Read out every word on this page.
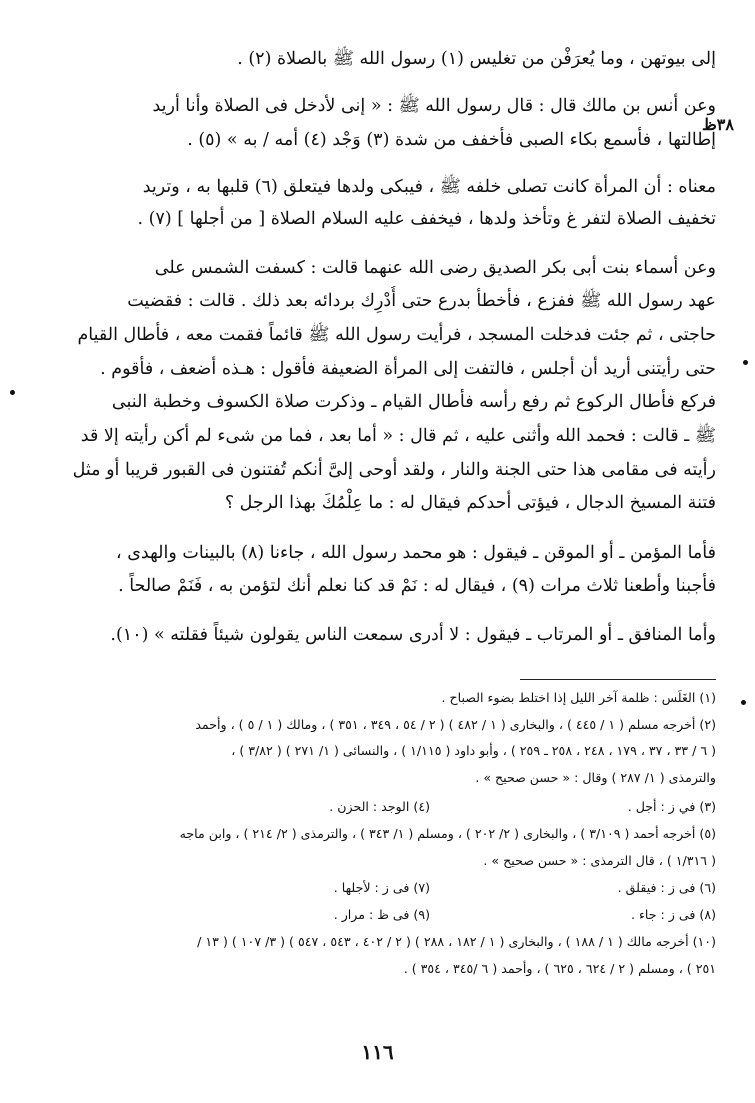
٣٨ظ
إلى بيوتهن ، وما يُعرَفْن من تغليس (١) رسول الله ﷺ بالصلاة (٢) .
وعن أنس بن مالك قال : قال رسول الله ﷺ : « إنى لأدخل فى الصلاة وأنا أريد
إطالتها ، فأسمع بكاء الصبى فأخفف من شدة (٣) وَجْد (٤) أمه / به » (٥) .
معناه : أن المرأة كانت تصلى خلفه ﷺ ، فيبكى ولدها فيتعلق (٦) قلبها به ، وتريد
تخفيف الصلاة لتفر غ وتأخذ ولدها ، فيخفف عليه السلام الصلاة [ من أجلها ] (٧) .
وعن أسماء بنت أبى بكر الصديق رضى الله عنهما قالت : كسفت الشمس على
عهد رسول الله ﷺ ففزع ، فأخطأ بدرع حتى أُدْرِك بردائه بعد ذلك . قالت : فقضيت
حاجتى ، ثم جئت فدخلت المسجد ، فرأيت رسول الله ﷺ قائماً فقمت معه ، فأطال القيام
حتى رأيتنى أريد أن أجلس ، فالتفت إلى المرأة الضعيفة فأقول : هـذه أضعف ، فأقوم .
فركع فأطال الركوع ثم رفع رأسه فأطال القيام ـ وذكرت صلاة الكسوف وخطبة النبى
ﷺ ـ قالت : فحمد الله وأثنى عليه ، ثم قال : « أما بعد ، فما من شىء لم أكن رأيته إلا قد
رأيته فى مقامى هذا حتى الجنة والنار ، ولقد أوحى إلىَّ أنكم تُفتنون فى القبور قريبا أو مثل
فتنة المسيخ الدجال ، فيؤتى أحدكم فيقال له : ما عِلْمُكَ بهذا الرجل ؟
فأما المؤمن ـ أو الموقن ـ فيقول : هو محمد رسول الله ، جاءنا (٨) بالبينات والهدى ،
فأجبنا وأطعنا ثلاث مرات (٩) ، فيقال له : نَمْ قد كنا نعلم أنك لتؤمن به ، فَنَمْ صالحاً .
وأما المنافق ـ أو المرتاب ـ فيقول : لا أدرى سمعت الناس يقولون شيئاً فقلته » (١٠).
(١) الغَلَس : ظلمة آخر الليل إذا اختلط بضوء الصباح .
(٢) أخرجه مسلم ( ١ / ٤٤٥ ) ، والبخارى ( ١ / ٤٨٢ ) ( ٢ / ٥٤ ، ٣٤٩ ، ٣٥١ ) ، ومالك ( ١ / ٥ ) ، وأحمد
( ٦ / ٣٣ ، ٣٧ ، ١٧٩ ، ٢٤٨ ، ٢٥٨ ـ ٢٥٩ ) ، وأبو داود ( ١/١١٥ ) ، والنسائى ( ١/ ٢٧١ ) ( ٣/٨٢ ) ،
والترمذى ( ١/ ٢٨٧ ) وقال : « حسن صحيح » .
(٣) في ز : أجل .
(٤) الوجد : الحزن .
(٥) أخرجه أحمد ( ٣/١٠٩ ) ، والبخارى ( ٢/ ٢٠٢ ) ، ومسلم ( ١/ ٣٤٣ ) ، والترمذى ( ٢/ ٢١٤ ) ، وابن ماجه
( ١/٣١٦ ) ، قال الترمذى : « حسن صحيح » .
(٦) فى ز : فيقلق .
(٧) فى ز : لأجلها .
(٨) فى ز : جاء .
(٩) فى ظ : مرار .
(١٠) أخرجه مالك ( ١ / ١٨٨ ) ، والبخارى ( ١ / ١٨٢ ، ٢٨٨ ) ( ٢ / ٤٠٢ ، ٥٤٣ ، ٥٤٧ ) ( ٣/ ١٠٧ ) ( ١٣ /
٢٥١ ) ، ومسلم ( ٢ / ٦٢٤ ، ٦٢٥ ) ، وأحمد ( ٦ /٣٤٥ ، ٣٥٤ ) .
١١٦
